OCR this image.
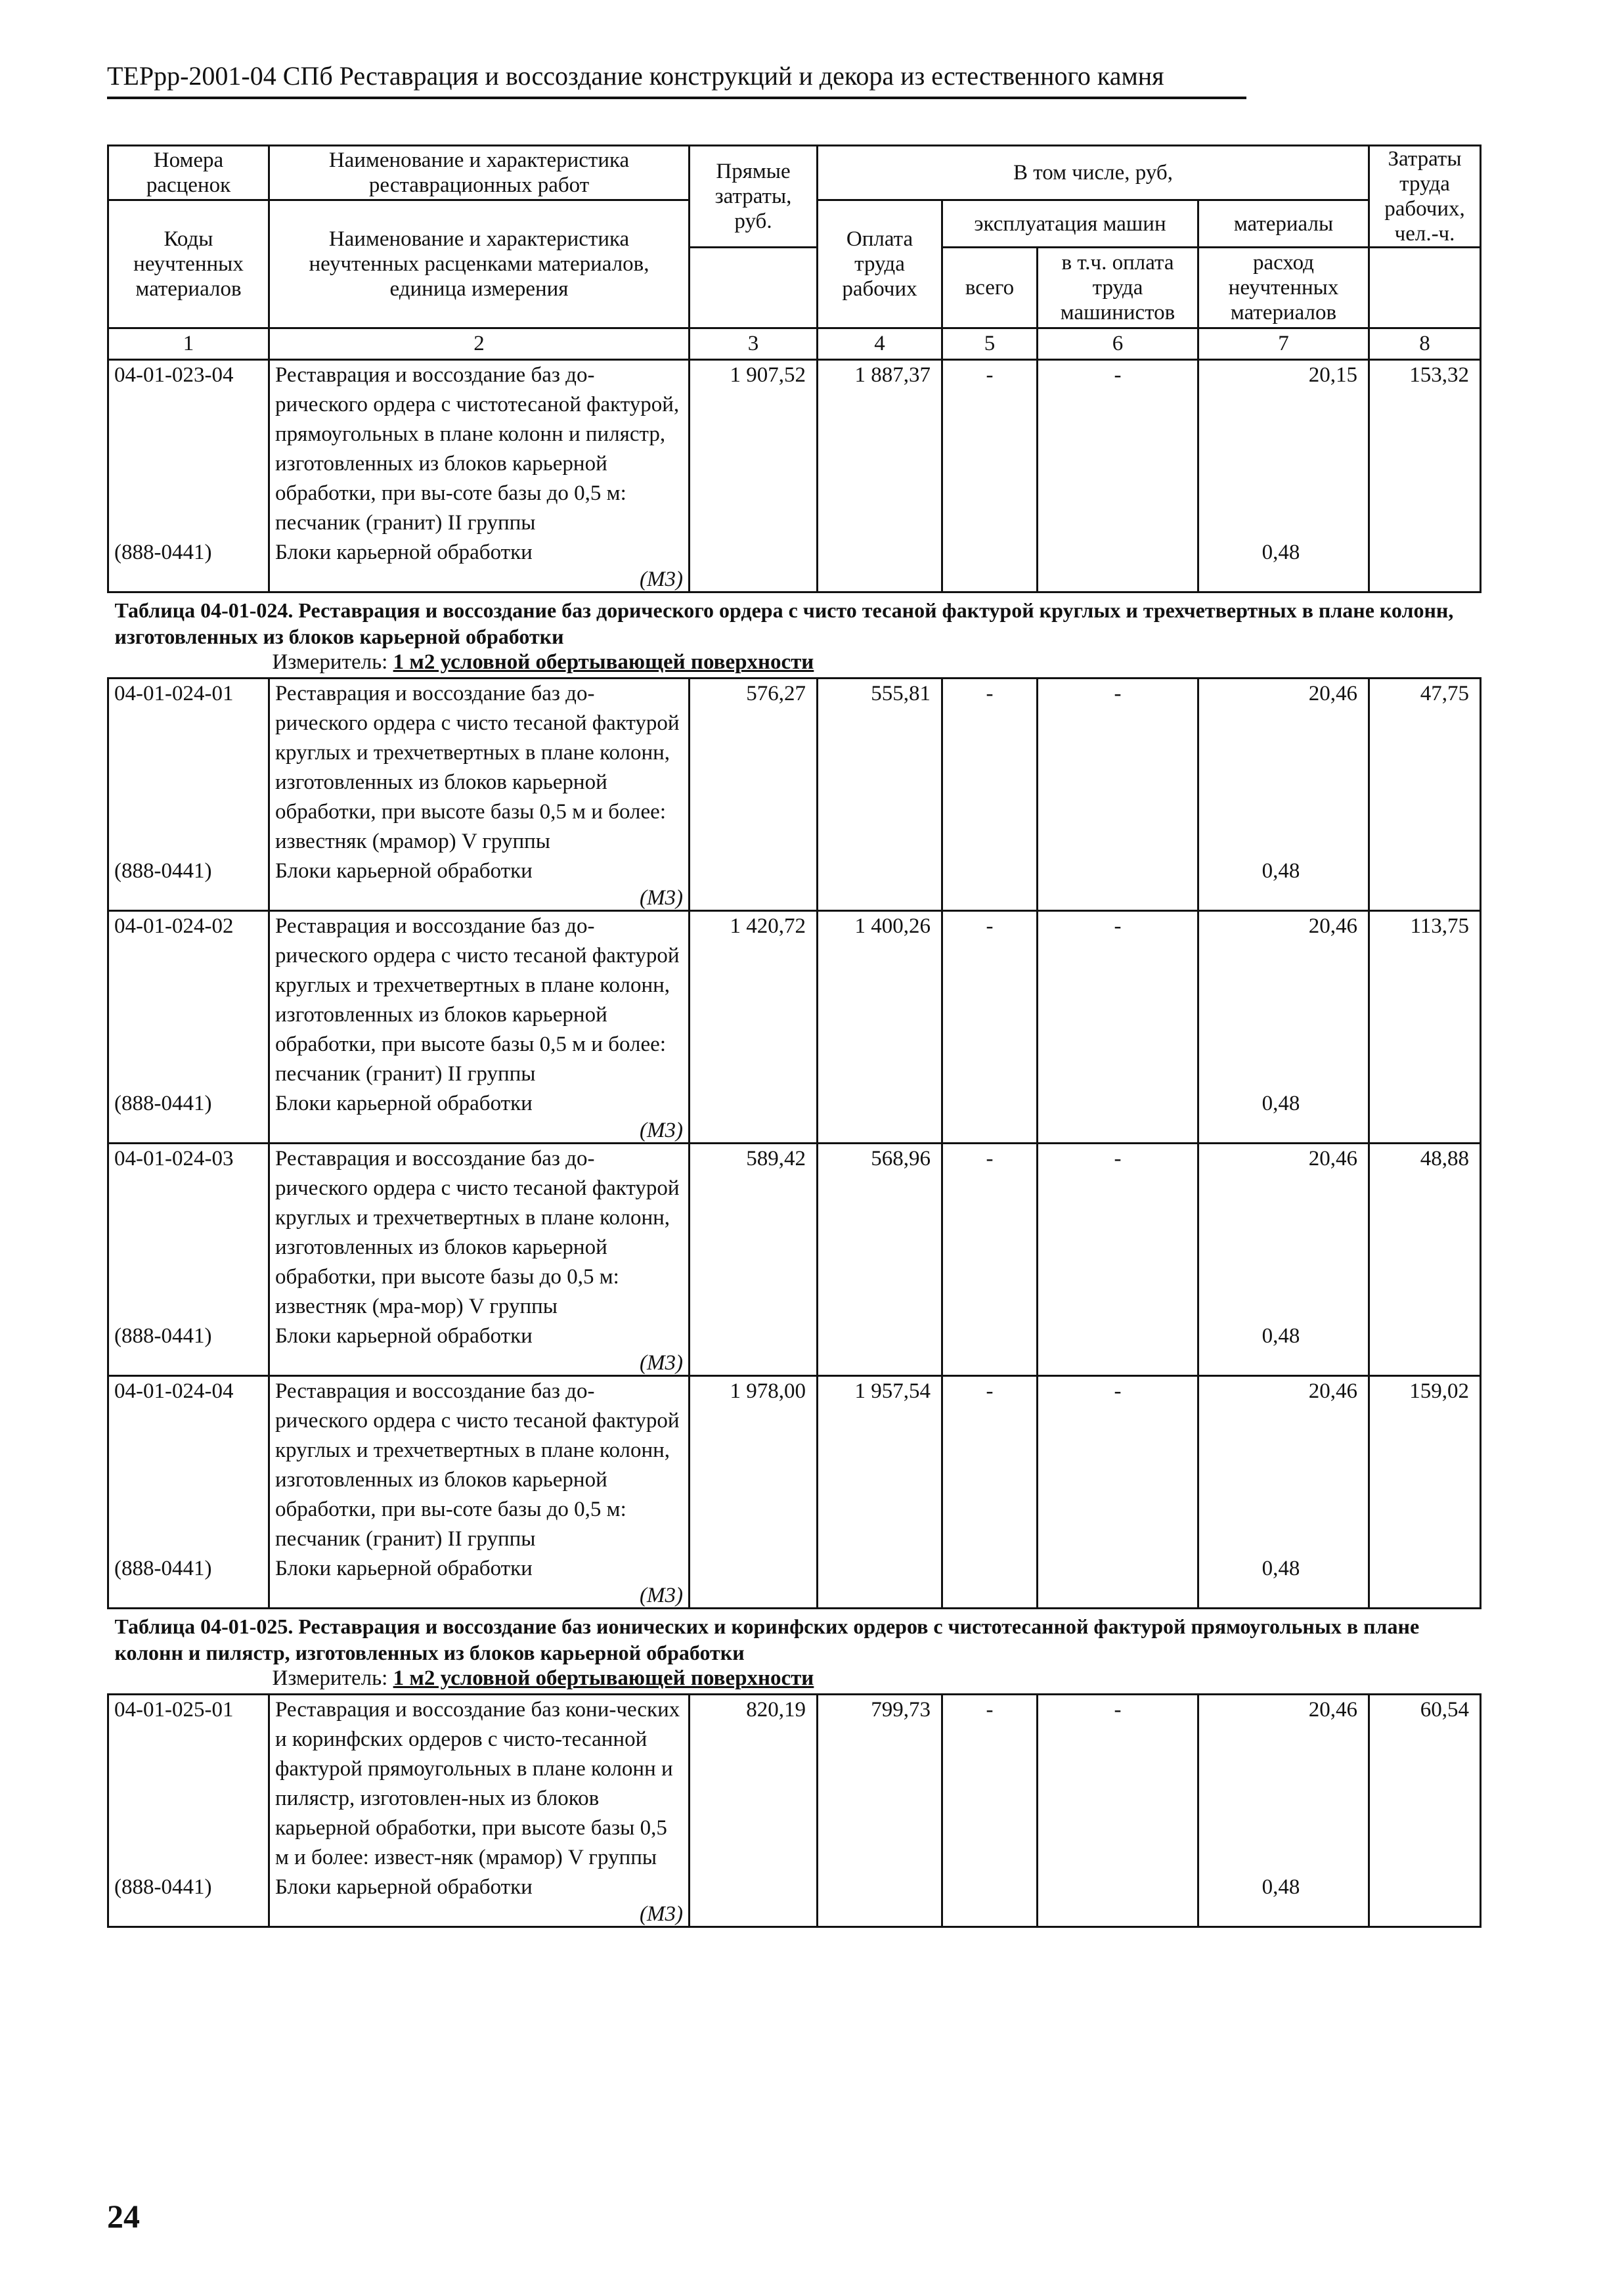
ТЕРрр-2001-04 СПб Реставрация и воссоздание конструкций и декора из естественного камня
Номера расценок	Наименование и характеристика реставрационных работ	Прямые затраты, руб.	В том числе, руб,				Затраты труда рабочих, чел.-ч.
Коды неучтенных материалов	Наименование и характеристика неучтенных расценками материалов, единица измерения		Оплата труда рабочих	эксплуатация машин		материалы	
				всего	в т.ч. оплата труда машинистов	расход неучтенных материалов	
1	2	3	4	5	6	7	8
04-01-023-04	Реставрация и воссоздание баз до-рического ордера с чистотесаной фактурой, прямоугольных в плане колонн и пилястр, изготовленных из блоков карьерной обработки, при вы-соте базы до 0,5 м: песчаник (гранит) II группы	1 907,52	1 887,37	-	-	20,15	153,32
(888-0441)	Блоки карьерной обработки					0,48	
	(М3)						

Таблица 04-01-024. Реставрация и воссоздание баз дорического ордера с чисто тесаной фактурой круглых и трехчетвертных в плане колонн, изготовленных из блоков карьерной обработки
Измеритель: 1 м2 условной обертывающей поверхности							

04-01-024-01	Реставрация и воссоздание баз до-рического ордера с чисто тесаной фактурой круглых и трехчетвертных в плане колонн, изготовленных из блоков карьерной обработки, при высоте базы 0,5 м и более: известняк (мрамор) V группы	576,27	555,81	-	-	20,46	47,75
(888-0441)	Блоки карьерной обработки					0,48	
	(М3)						
04-01-024-02	Реставрация и воссоздание баз до-рического ордера с чисто тесаной фактурой круглых и трехчетвертных в плане колонн, изготовленных из блоков карьерной обработки, при высоте базы 0,5 м и более: песчаник (гранит) II группы	1 420,72	1 400,26	-	-	20,46	113,75
(888-0441)	Блоки карьерной обработки					0,48	
	(М3)						
04-01-024-03	Реставрация и воссоздание баз до-рического ордера с чисто тесаной фактурой круглых и трехчетвертных в плане колонн, изготовленных из блоков карьерной обработки, при высоте базы до 0,5 м: известняк (мра-мор) V группы	589,42	568,96	-	-	20,46	48,88
(888-0441)	Блоки карьерной обработки					0,48	
	(М3)						
04-01-024-04	Реставрация и воссоздание баз до-рического ордера с чисто тесаной фактурой круглых и трехчетвертных в плане колонн, изготовленных из блоков карьерной обработки, при вы-соте базы до 0,5 м: песчаник (гранит) II группы	1 978,00	1 957,54	-	-	20,46	159,02
(888-0441)	Блоки карьерной обработки					0,48	
	(М3)						

Таблица 04-01-025. Реставрация и воссоздание баз ионических и коринфских ордеров с чистотесанной фактурой прямоугольных в плане колонн и пилястр, изготовленных из блоков карьерной обработки
Измеритель: 1 м2 условной обертывающей поверхности							

04-01-025-01	Реставрация и воссоздание баз кони-ческих и коринфских ордеров с чисто-тесанной фактурой прямоугольных в плане колонн и пилястр, изготовлен-ных из блоков карьерной обработки, при высоте базы 0,5 м и более: извест-няк (мрамор) V группы	820,19	799,73	-	-	20,46	60,54
(888-0441)	Блоки карьерной обработки					0,48	
	(М3)						
24
